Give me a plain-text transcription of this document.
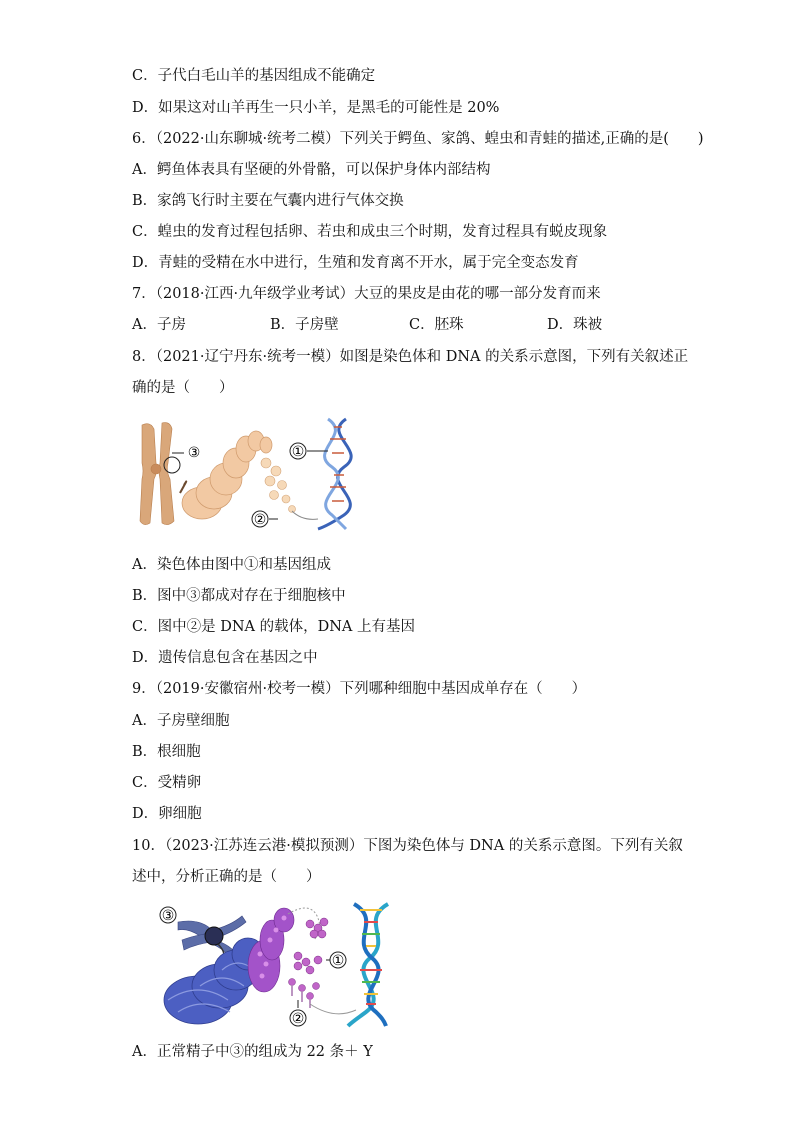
C．子代白毛山羊的基因组成不能确定
D．如果这对山羊再生一只小羊，是黑毛的可能性是 20%
6．（2022·山东聊城·统考二模）下列关于鳄鱼、家鸽、蝗虫和青蛙的描述,正确的是(　　)
A．鳄鱼体表具有坚硬的外骨骼，可以保护身体内部结构
B．家鸽飞行时主要在气囊内进行气体交换
C．蝗虫的发育过程包括卵、若虫和成虫三个时期，发育过程具有蜕皮现象
D．青蛙的受精在水中进行，生殖和发育离不开水，属于完全变态发育
7．（2018·江西·九年级学业考试）大豆的果皮是由花的哪一部分发育而来
A．子房	B．子房壁	C．胚珠	D．珠被
8．（2021·辽宁丹东·统考一模）如图是染色体和 DNA 的关系示意图，下列有关叙述正
确的是（　　）
③
②
①
A．染色体由图中①和基因组成
B．图中③都成对存在于细胞核中
C．图中②是 DNA 的载体，DNA 上有基因
D．遗传信息包含在基因之中
9．（2019·安徽宿州·校考一模）下列哪种细胞中基因成单存在（　　）
A．子房壁细胞
B．根细胞
C．受精卵
D．卵细胞
10．（2023·江苏连云港·模拟预测）下图为染色体与 DNA 的关系示意图。下列有关叙
述中，分析正确的是（　　）
③
②
①
A．正常精子中③的组成为 22 条＋ Y
